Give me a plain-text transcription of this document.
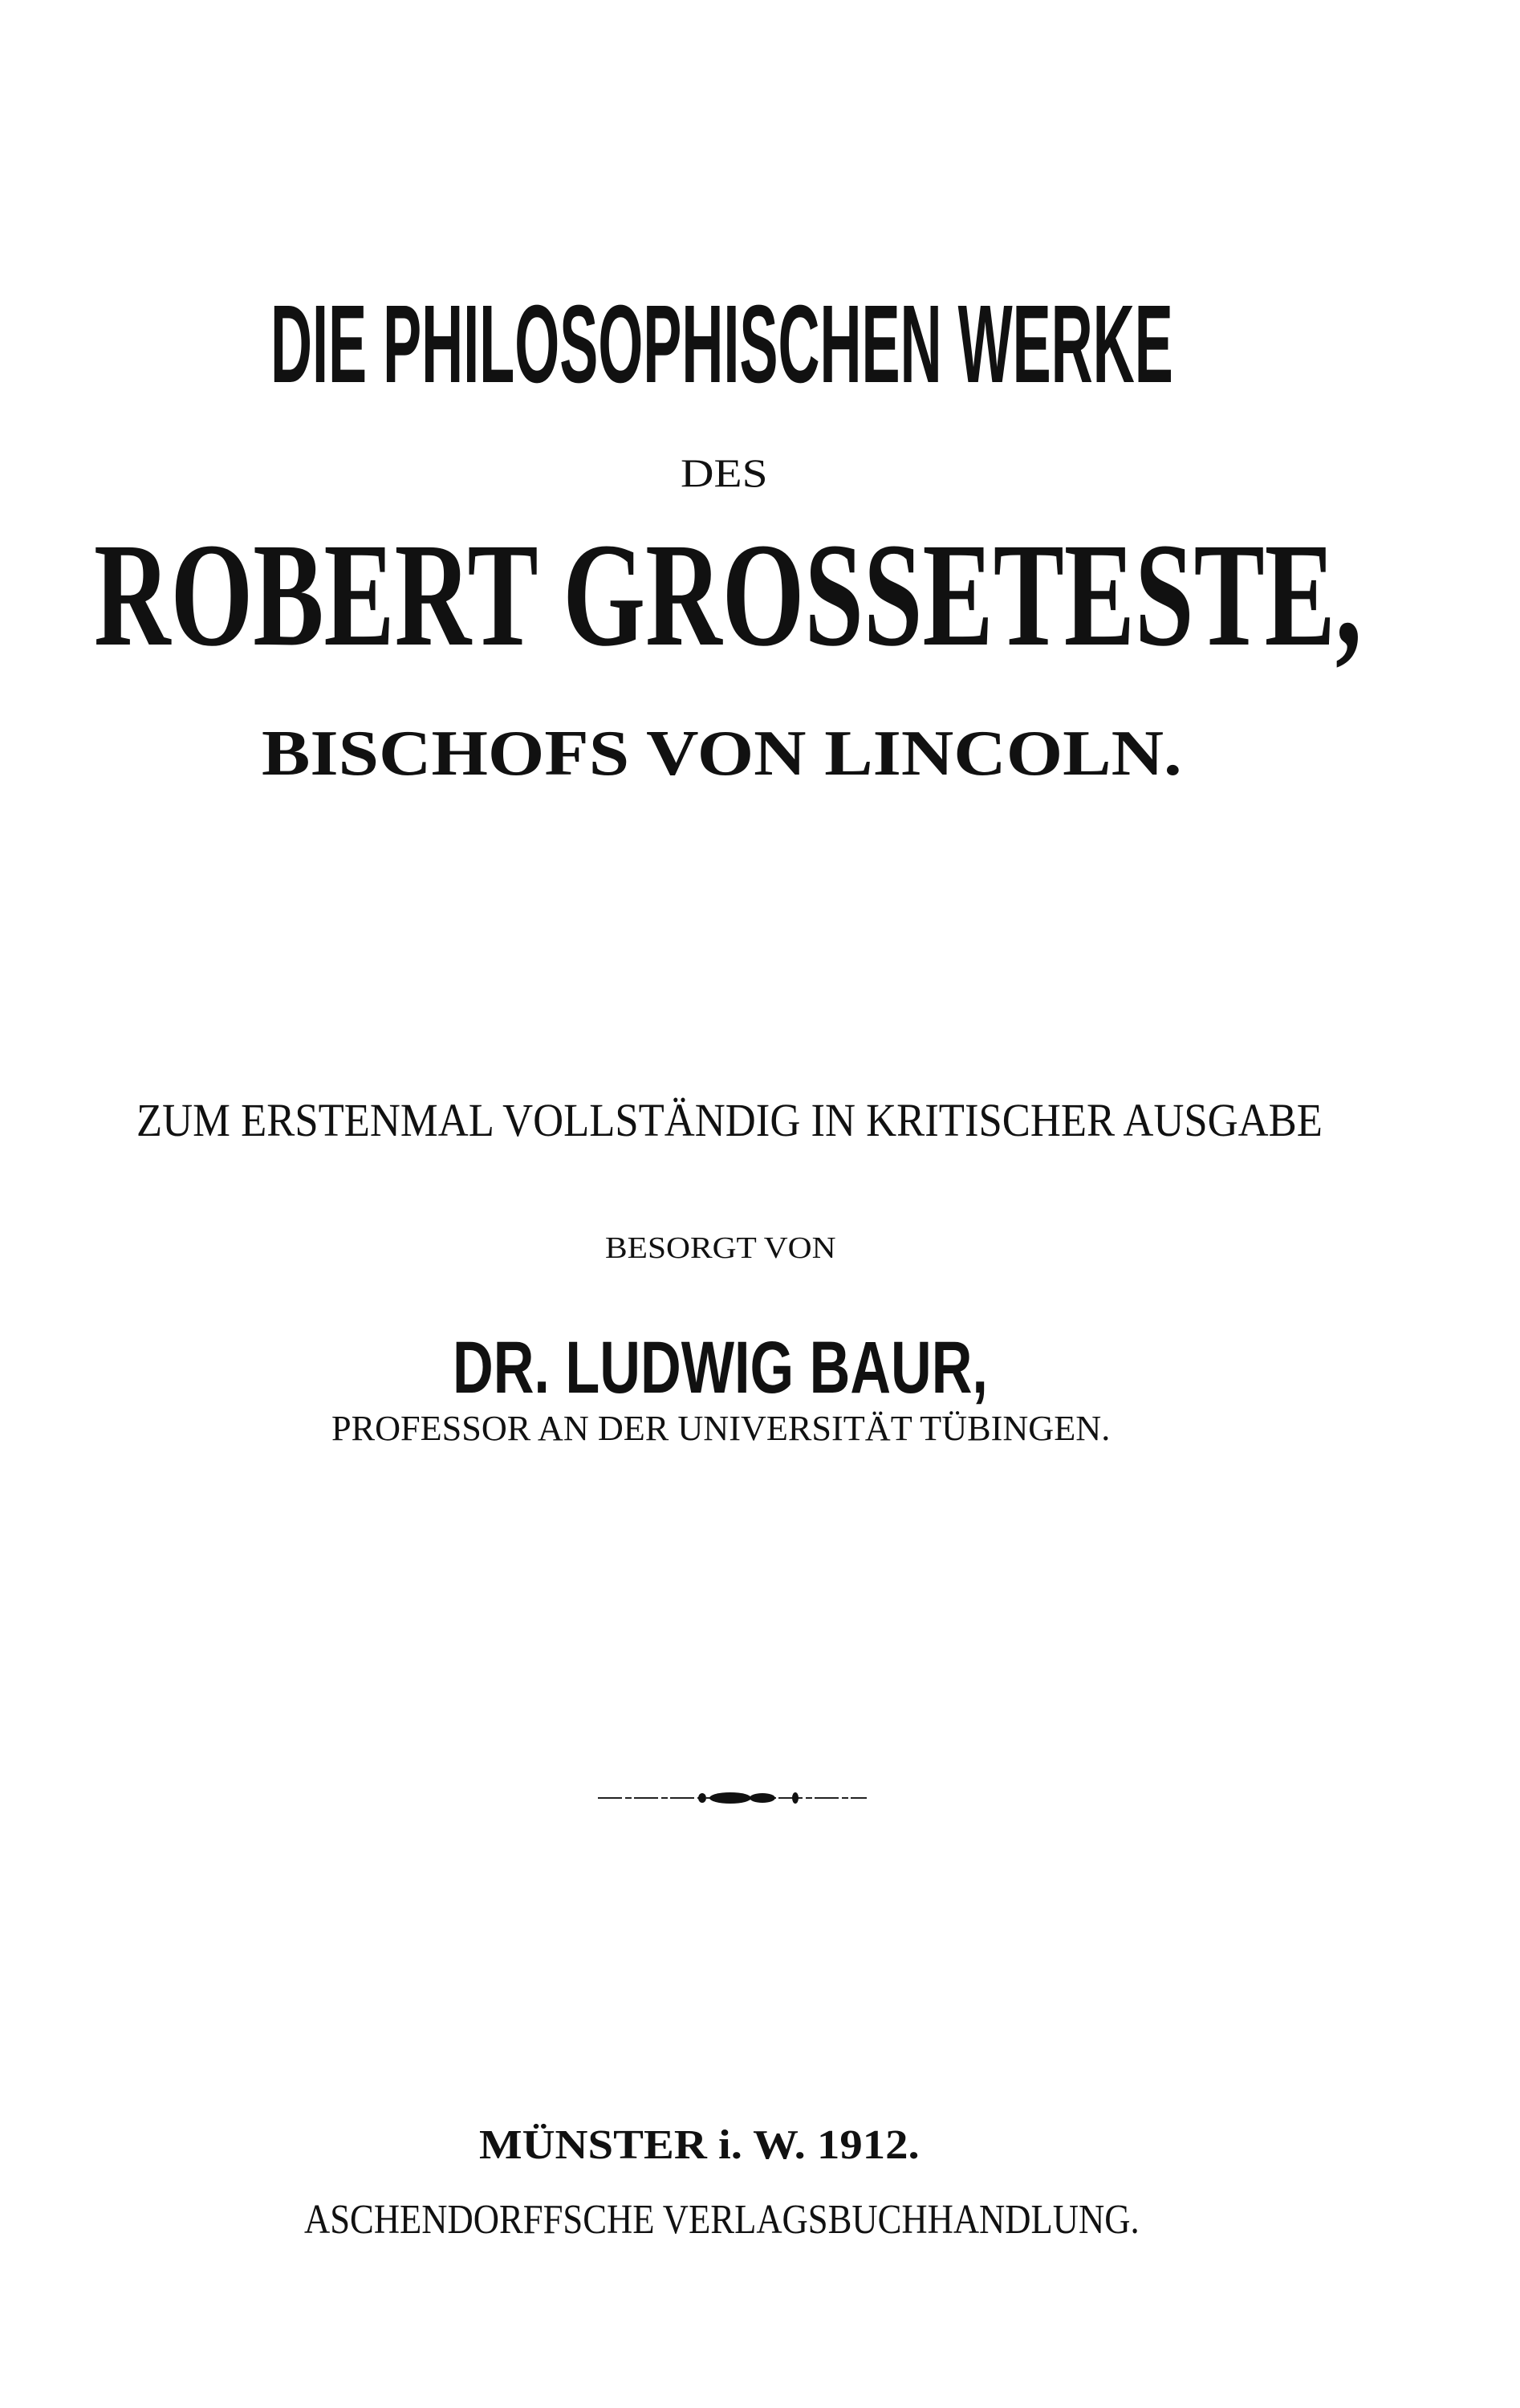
DIE PHILOSOPHISCHEN WERKE
DES
ROBERT GROSSETESTE,
BISCHOFS VON LINCOLN.
ZUM ERSTENMAL VOLLSTÄNDIG IN KRITISCHER AUSGABE
BESORGT VON
DR. LUDWIG BAUR,
PROFESSOR AN DER UNIVERSITÄT TÜBINGEN.
MÜNSTER i. W. 1912.
ASCHENDORFFSCHE VERLAGSBUCHHANDLUNG.
